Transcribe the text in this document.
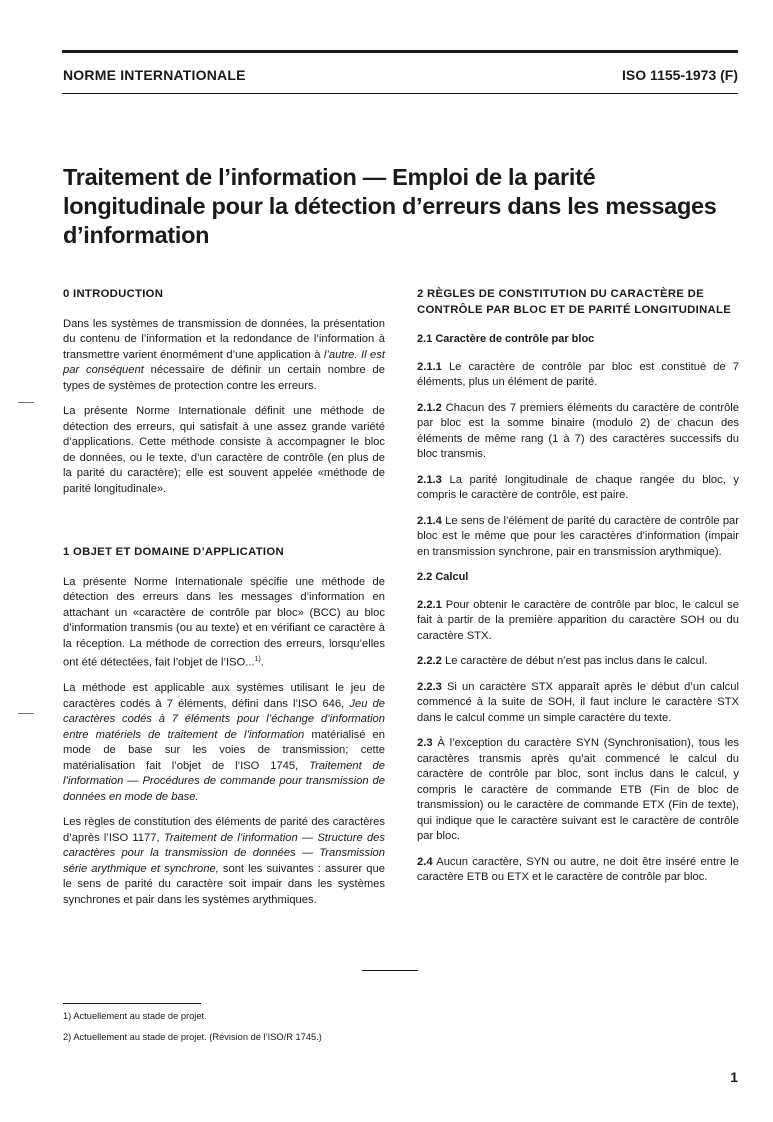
NORME INTERNATIONALE	ISO 1155-1973 (F)
Traitement de l’information — Emploi de la parité
longitudinale pour la détection d’erreurs dans les messages
d’information
0 INTRODUCTION

Dans les systèmes de transmission de données, la présentation du contenu de l’information et la redondance de l’information à transmettre varient énormément d’une application à l’autre. Il est par conséquent nécessaire de définir un certain nombre de types de systèmes de protection contre les erreurs.

La présente Norme Internationale définit une méthode de détection des erreurs, qui satisfait à une assez grande variété d’applications. Cette méthode consiste à accompagner le bloc de données, ou le texte, d’un caractère de contrôle (en plus de la parité du caractère); elle est souvent appelée «méthode de parité longitudinale».

1 OBJET ET DOMAINE D’APPLICATION

La présente Norme Internationale spécifie une méthode de détection des erreurs dans les messages d’information en attachant un «caractère de contrôle par bloc» (BCC) au bloc d’information transmis (ou au texte) et en vérifiant ce caractère à la réception. La méthode de correction des erreurs, lorsqu’elles ont été détectées, fait l’objet de l’ISO...$^{1)}$.

La méthode est applicable aux systèmes utilisant le jeu de caractères codés à 7 éléments, défini dans l’ISO 646, Jeu de caractères codés à 7 éléments pour l’échange d’information entre matériels de traitement de l’information matérialisé en mode de base sur les voies de transmission; cette matérialisation fait l’objet de l’ISO 1745, Traitement de l’information — Procédures de commande pour transmission de données en mode de base.

Les règles de constitution des éléments de parité des caractères d’après l’ISO 1177, Traitement de l’information — Structure des caractères pour la transmission de données — Transmission série arythmique et synchrone, sont les suivantes : assurer que le sens de parité du caractère soit impair dans les systèmes synchrones et pair dans les systèmes arythmiques.

2 RÈGLES DE CONSTITUTION DU CARACTÈRE DE CONTRÔLE PAR BLOC ET DE PARITÉ LONGITUDINALE
2.1 Caractère de contrôle par bloc

2.1.1 Le caractère de contrôle par bloc est constitué de 7 éléments, plus un élément de parité.

2.1.2 Chacun des 7 premiers éléments du caractère de contrôle par bloc est la somme binaire (modulo 2) de chacun des éléments de même rang (1 à 7) des caractères successifs du bloc transmis.

2.1.3 La parité longitudinale de chaque rangée du bloc, y compris le caractère de contrôle, est paire.

2.1.4 Le sens de l’élément de parité du caractère de contrôle par bloc est le même que pour les caractères d’information (impair en transmission synchrone, pair en transmission arythmique).

2.2 Calcul

2.2.1 Pour obtenir le caractère de contrôle par bloc, le calcul se fait à partir de la première apparition du caractère SOH ou du caractère STX.

2.2.2 Le caractère de début n’est pas inclus dans le calcul.

2.2.3 Si un caractère STX apparaît après le début d’un calcul commencé à la suite de SOH, il faut inclure le caractère STX dans le calcul comme un simple caractère du texte.

2.3 À l’exception du caractère SYN (Synchronisation), tous les caractères transmis après qu’ait commencé le calcul du caractère de contrôle par bloc, sont inclus dans le calcul, y compris le caractère de commande ETB (Fin de bloc de transmission) ou le caractère de commande ETX (Fin de texte), qui indique que le caractère suivant est le caractère de contrôle par bloc.

2.4 Aucun caractère, SYN ou autre, ne doit être inséré entre le caractère ETB ou ETX et le caractère de contrôle par bloc.

1) Actuellement au stade de projet.
2) Actuellement au stade de projet. (Révision de l’ISO/R 1745.)
1
